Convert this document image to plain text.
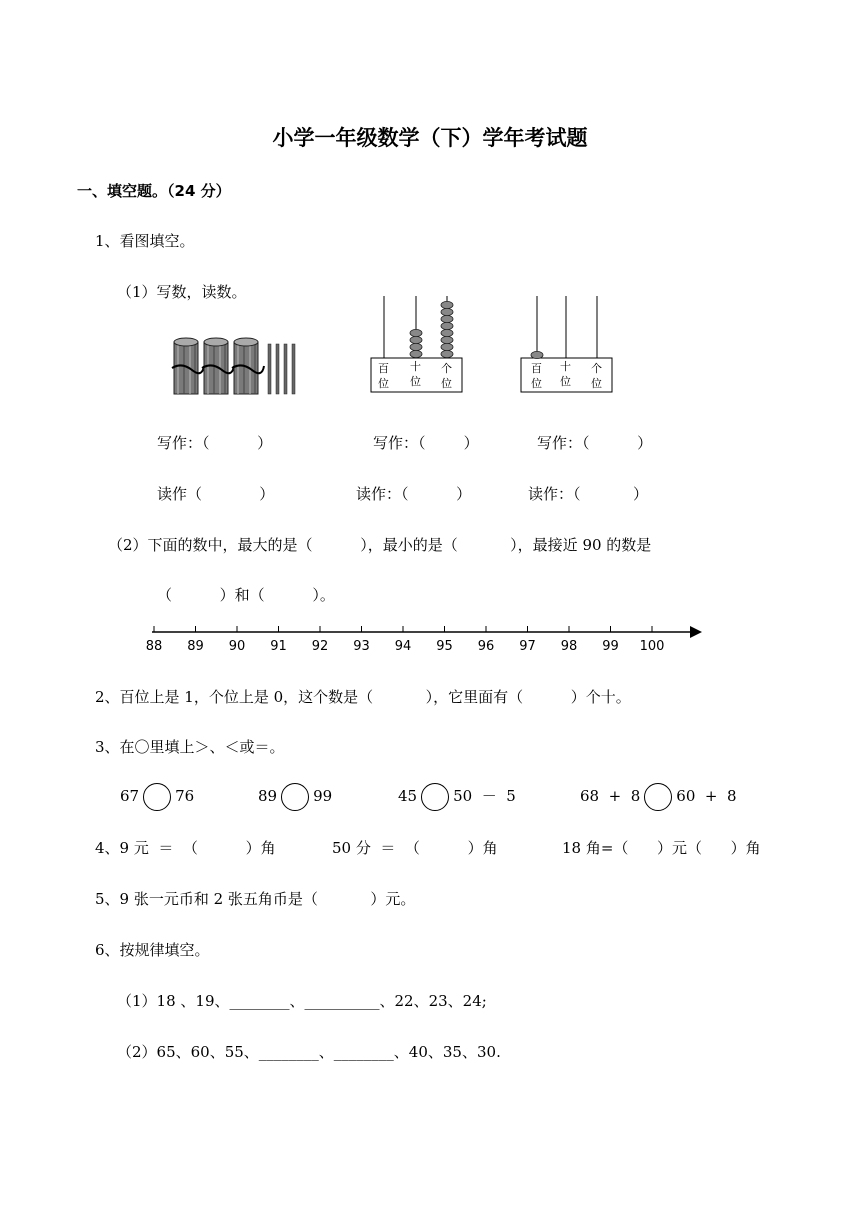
小学一年级数学（下）学年考试题
一、填空题。（24 分）
1、看图填空。
（1）写数，读数。
百
位
十
位
个
位
百
位
十
位
个
位
写作：（          ）	写作：（        ）	写作：（          ）
读作（            ）	读作：（          ）	读作：（           ）
（2）下面的数中，最大的是（          ），最小的是（           ），最接近 90 的数是
（          ）和（          ）。
88 89 90 91 92 93 94 95 96 97 98 99 100
2、百位上是 1，个位上是 0，这个数是（           ），它里面有（          ）个十。
3、在〇里填上＞、＜或＝。
67 76	89 99	45 50  －  5	68  +  8 60  +  8
4、9 元  ＝  （          ）角	50 分  ＝  （          ）角	18 角=（      ）元（      ）角
5、9 张一元币和 2 张五角币是（           ）元。
6、按规律填空。
（1）18 、19、________、__________、22、23、24;
（2）65、60、55、________、________、40、35、30.
